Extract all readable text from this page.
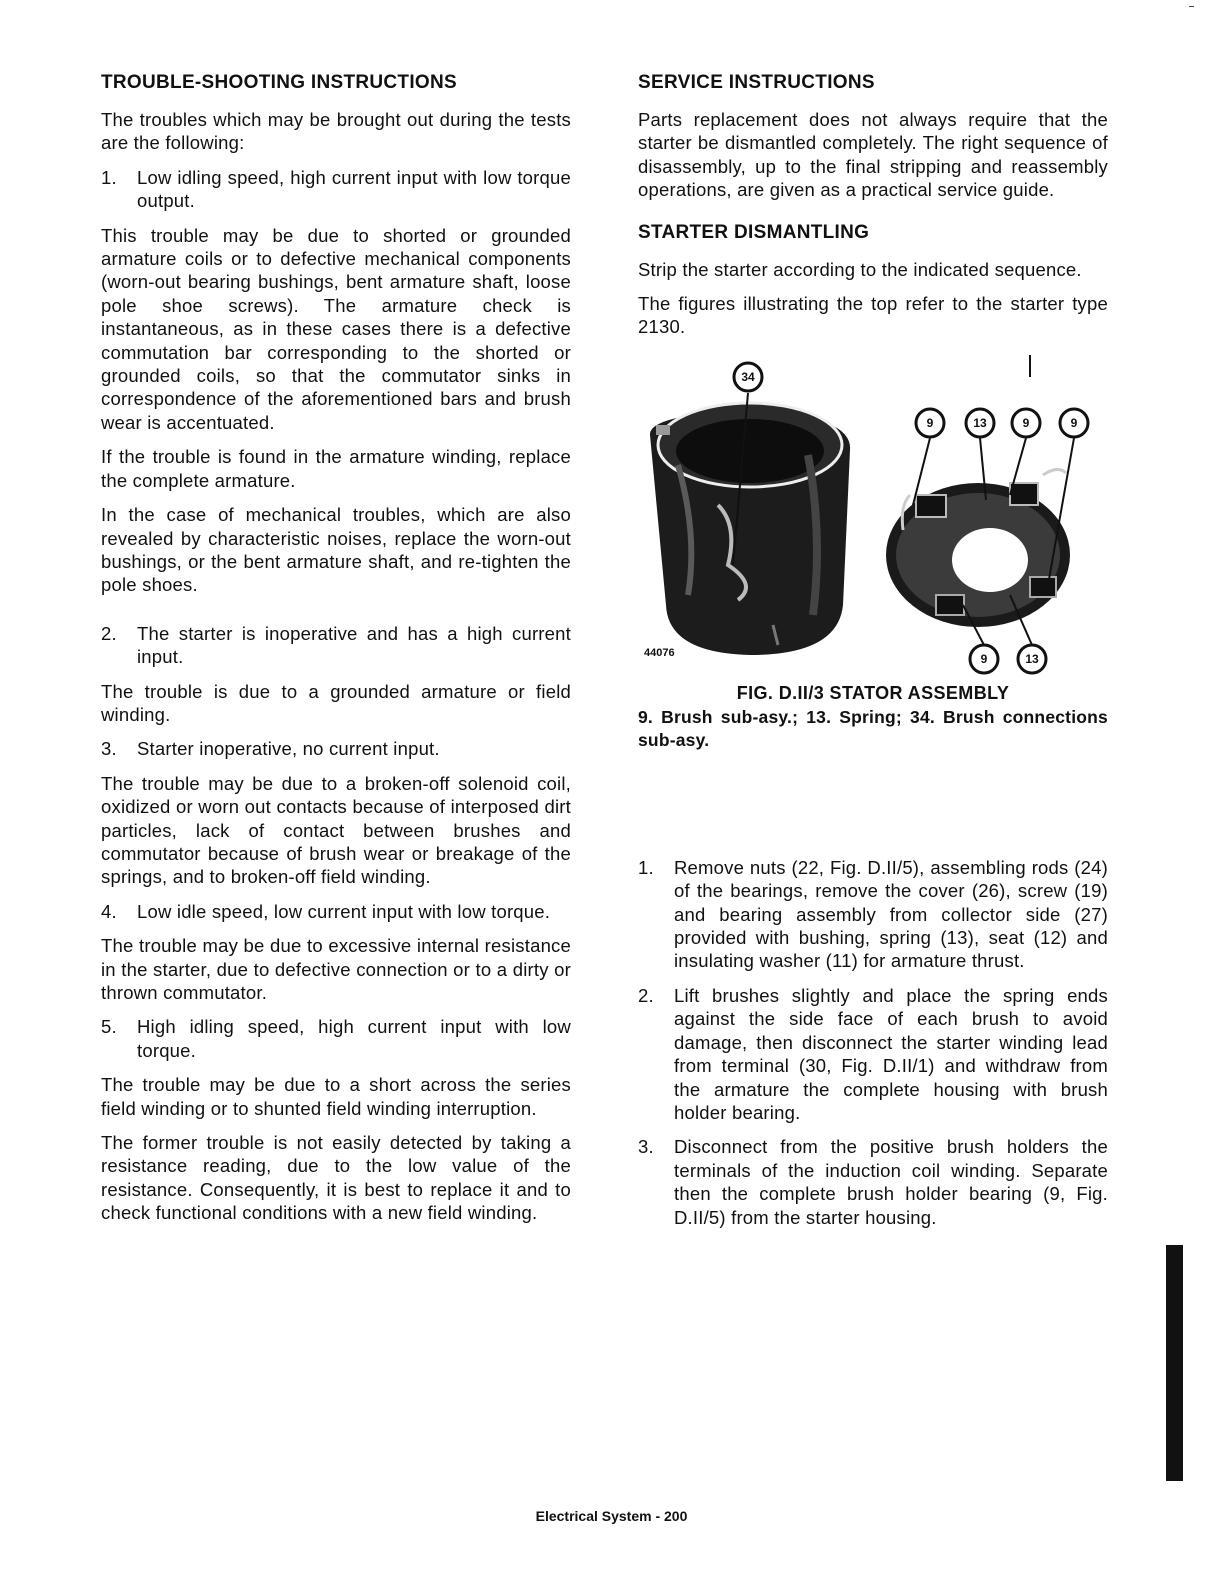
TROUBLE-SHOOTING INSTRUCTIONS

The troubles which may be brought out during the tests are the following:

1.	Low idling speed, high current input with low torque output.

This trouble may be due to shorted or grounded armature coils or to defective mechanical components (worn-out bearing bushings, bent armature shaft, loose pole shoe screws). The armature check is instantaneous, as in these cases there is a defective commutation bar corresponding to the shorted or grounded coils, so that the commutator sinks in correspondence of the aforementioned bars and brush wear is accentuated.

If the trouble is found in the armature winding, replace the complete armature.

In the case of mechanical troubles, which are also revealed by characteristic noises, replace the worn-out bushings, or the bent armature shaft, and re-tighten the pole shoes.

2.	The starter is inoperative and has a high current input.

The trouble is due to a grounded armature or field winding.

3.	Starter inoperative, no current input.

The trouble may be due to a broken-off solenoid coil, oxidized or worn out contacts because of interposed dirt particles, lack of contact between brushes and commutator because of brush wear or breakage of the springs, and to broken-off field winding.

4.	Low idle speed, low current input with low torque.

The trouble may be due to excessive internal resistance in the starter, due to defective connection or to a dirty or thrown commutator.

5.	High idling speed, high current input with low torque.

The trouble may be due to a short across the series field winding or to shunted field winding interruption.

The former trouble is not easily detected by taking a resistance reading, due to the low value of the resistance. Consequently, it is best to replace it and to check functional conditions with a new field winding.

SERVICE INSTRUCTIONS

Parts replacement does not always require that the starter be dismantled completely. The right sequence of disassembly, up to the final stripping and reassembly operations, are given as a practical service guide.

STARTER DISMANTLING

Strip the starter according to the indicated sequence.

The figures illustrating the top refer to the starter type 2130.

34
9	13	9	9
9	13
44076
FIG. D.II/3 STATOR ASSEMBLY

9. Brush sub-asy.; 13. Spring; 34. Brush connections sub-asy.

1.	Remove nuts (22, Fig. D.II/5), assembling rods (24) of the bearings, remove the cover (26), screw (19) and bearing assembly from collector side (27) provided with bushing, spring (13), seat (12) and insulating washer (11) for armature thrust.
2.	Lift brushes slightly and place the spring ends against the side face of each brush to avoid damage, then disconnect the starter winding lead from terminal (30, Fig. D.II/1) and withdraw from the armature the complete housing with brush holder bearing.
3.	Disconnect from the positive brush holders the terminals of the induction coil winding. Separate then the complete brush holder bearing (9, Fig. D.II/5) from the starter housing.
Electrical System - 200
